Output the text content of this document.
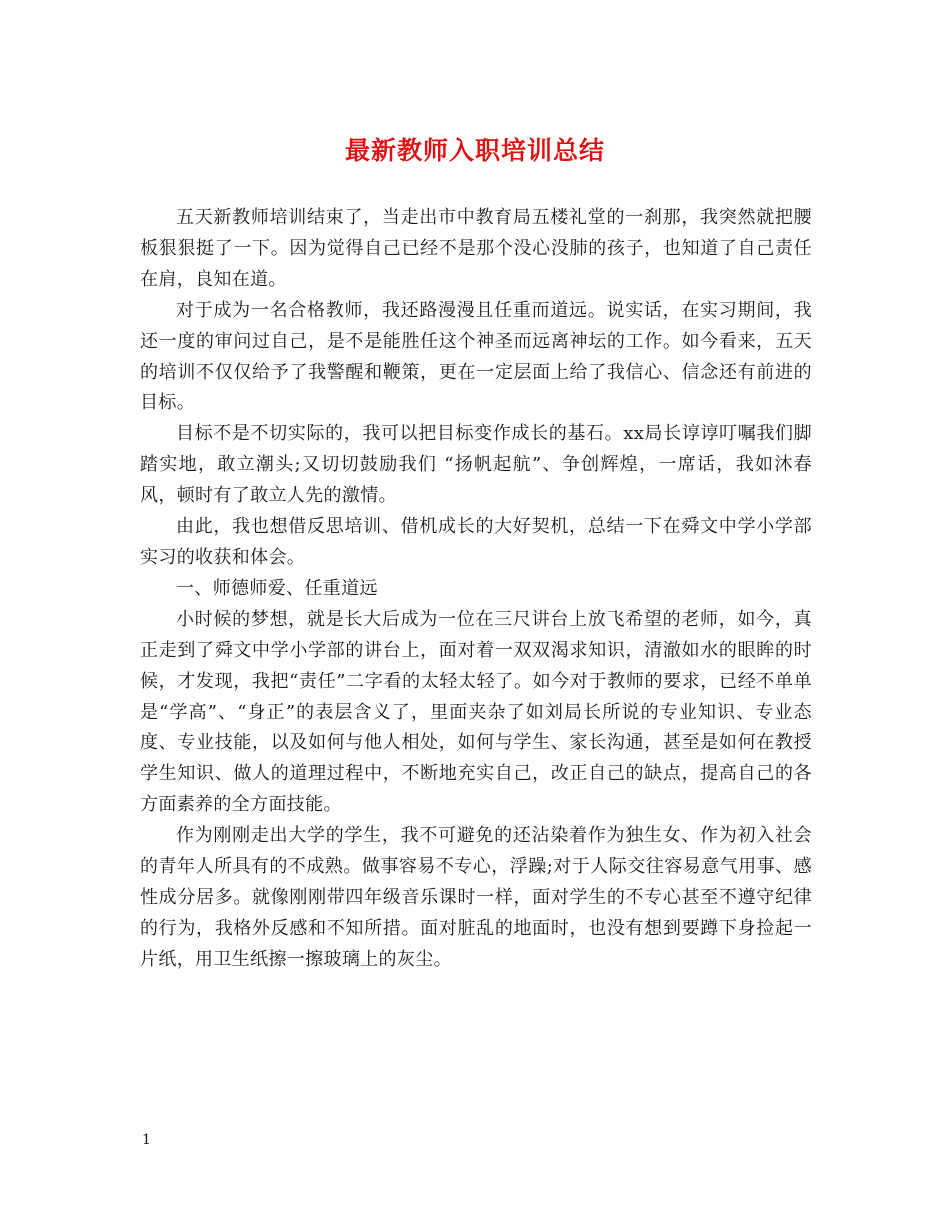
最新教师入职培训总结

五天新教师培训结束了，当走出市中教育局五楼礼堂的一刹那，我突然就把腰板狠狠挺了一下。因为觉得自己已经不是那个没心没肺的孩子，也知道了自己责任在肩，良知在道。

对于成为一名合格教师，我还路漫漫且任重而道远。说实话，在实习期间，我还一度的审问过自己，是不是能胜任这个神圣而远离神坛的工作。如今看来，五天的培训不仅仅给予了我警醒和鞭策，更在一定层面上给了我信心、信念还有前进的目标。

目标不是不切实际的，我可以把目标变作成长的基石。xx局长谆谆叮嘱我们脚踏实地，敢立潮头;又切切鼓励我们 “扬帆起航”、争创辉煌，一席话，我如沐春风，顿时有了敢立人先的激情。

由此，我也想借反思培训、借机成长的大好契机，总结一下在舜文中学小学部实习的收获和体会。

一、师德师爱、任重道远

小时候的梦想，就是长大后成为一位在三尺讲台上放飞希望的老师，如今，真正走到了舜文中学小学部的讲台上，面对着一双双渴求知识，清澈如水的眼眸的时候，才发现，我把“责任”二字看的太轻太轻了。如今对于教师的要求，已经不单单是“学高”、“身正”的表层含义了，里面夹杂了如刘局长所说的专业知识、专业态度、专业技能，以及如何与他人相处，如何与学生、家长沟通，甚至是如何在教授学生知识、做人的道理过程中，不断地充实自己，改正自己的缺点，提高自己的各方面素养的全方面技能。

作为刚刚走出大学的学生，我不可避免的还沾染着作为独生女、作为初入社会的青年人所具有的不成熟。做事容易不专心，浮躁;对于人际交往容易意气用事、感性成分居多。就像刚刚带四年级音乐课时一样，面对学生的不专心甚至不遵守纪律的行为，我格外反感和不知所措。面对脏乱的地面时，也没有想到要蹲下身捡起一片纸，用卫生纸擦一擦玻璃上的灰尘。

1
